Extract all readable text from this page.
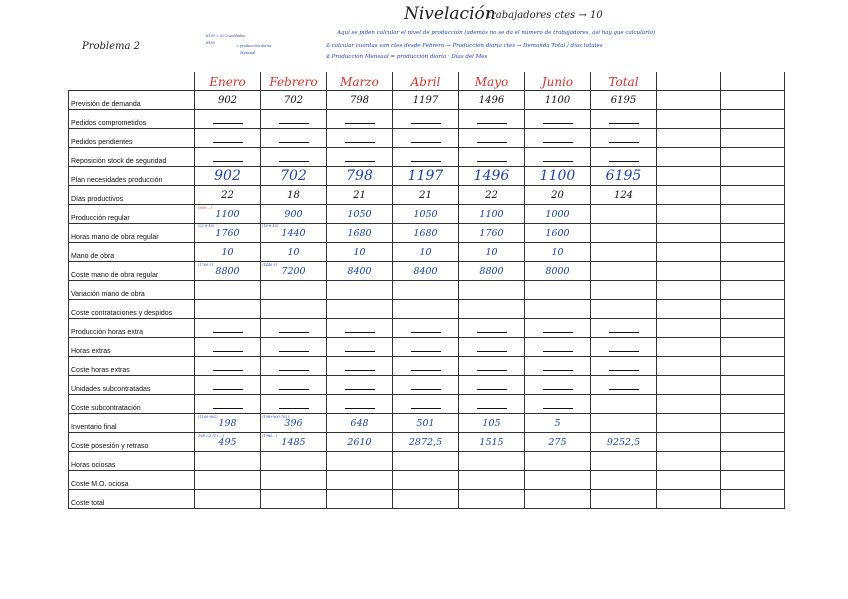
Nivelación
trabajadores ctes → 10
Problema 2
Aquí se piden calcular el nivel de producción (además no se da el número de trabajadores, así hay que calcularlo)
① calcular cuántas van ctes desde Febrero → Producción diaria ctes → Demanda Total / días totales
② Producción Mensual = producción diaria · Días del Mes
6195 = 50,3 unidades
6195
= producción diaria
Mensual

	Enero	Febrero	Marzo	Abril	Mayo	Junio	Total		

Previsión de demanda	902	702	798	1197	1496	1100	6195		

Pedidos comprometidos	

Pedidos pendientes	

Reposición stock de seguridad	

Plan necesidades producción	902	702	798	1197	1496	1100	6195		

Días productivos	22	18	21	21	22	20	124		

Producción regular	1100	900	1050	1050	1100	1000			

Horas mano de obra regular	1760	1440	1680	1680	1760	1600			

Mano de obra	10	10	10	10	10	10			

Coste mano de obra regular	8800	7200	8400	8400	8800	8000			

Variación mano de obra									
Coste contrataciones y despidos									
Producción horas extra	

Horas extras	

Coste horas extras	

Unidades subcontratadas	

Coste subcontratación	

Inventario final	198	396	648	501	105	5			

Coste posesión y retraso	495	1485	2610	2872,5	1515	275	9252,5		

Horas ociosas									
Coste M.O. ociosa									
Coste total									
(1100-902)	(198+900-702)
198·2,5·(1+...)
(22·8·10)	(18·8·10)
(1760·5)
(900·...)
(1440·5)
(1980...)
